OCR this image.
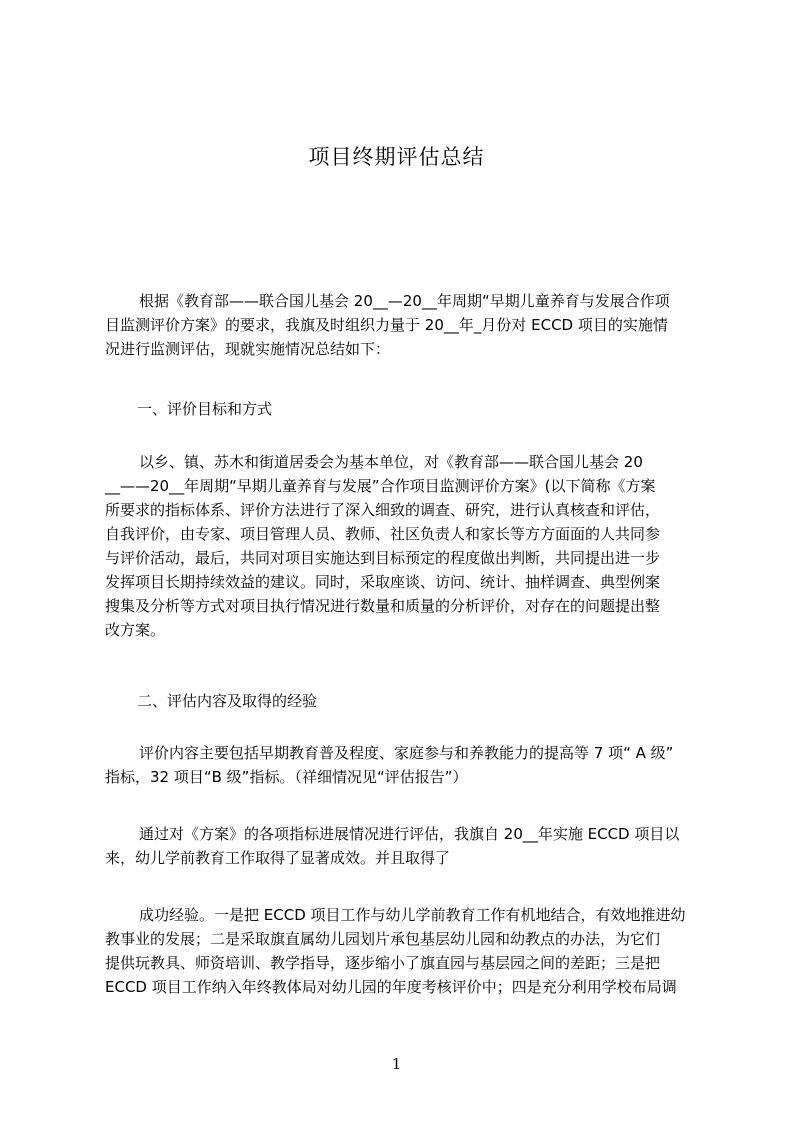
项目终期评估总结
根据《教育部——联合国儿基会 20__—20__年周期“早期儿童养育与发展合作项
目监测评价方案》的要求，我旗及时组织力量于 20__年_月份对 ECCD 项目的实施情
况进行监测评估，现就实施情况总结如下：
一、评价目标和方式
以乡、镇、苏木和街道居委会为基本单位，对《教育部——联合国儿基会 20
__——20__年周期“早期儿童养育与发展”合作项目监测评价方案》(以下简称《方案
所要求的指标体系、评价方法进行了深入细致的调查、研究，进行认真核查和评估，
自我评价，由专家、项目管理人员、教师、社区负责人和家长等方方面面的人共同参
与评价活动，最后，共同对项目实施达到目标预定的程度做出判断，共同提出进一步
发挥项目长期持续效益的建议。同时，采取座谈、访问、统计、抽样调查、典型例案
搜集及分析等方式对项目执行情况进行数量和质量的分析评价，对存在的问题提出整
改方案。
二、评估内容及取得的经验
评价内容主要包括早期教育普及程度、家庭参与和养教能力的提高等 7 项“ A 级”
指标，32 项目“B 级”指标。（祥细情况见“评估报告”）
通过对《方案》的各项指标进展情况进行评估，我旗自 20__年实施 ECCD 项目以
来，幼儿学前教育工作取得了显著成效。并且取得了
成功经验。一是把 ECCD 项目工作与幼儿学前教育工作有机地结合，有效地推进幼
教事业的发展；二是采取旗直属幼儿园划片承包基层幼儿园和幼教点的办法，为它们
提供玩教具、师资培训、教学指导，逐步缩小了旗直园与基层园之间的差距；三是把
ECCD 项目工作纳入年终教体局对幼儿园的年度考核评价中；四是充分利用学校布局调
1
